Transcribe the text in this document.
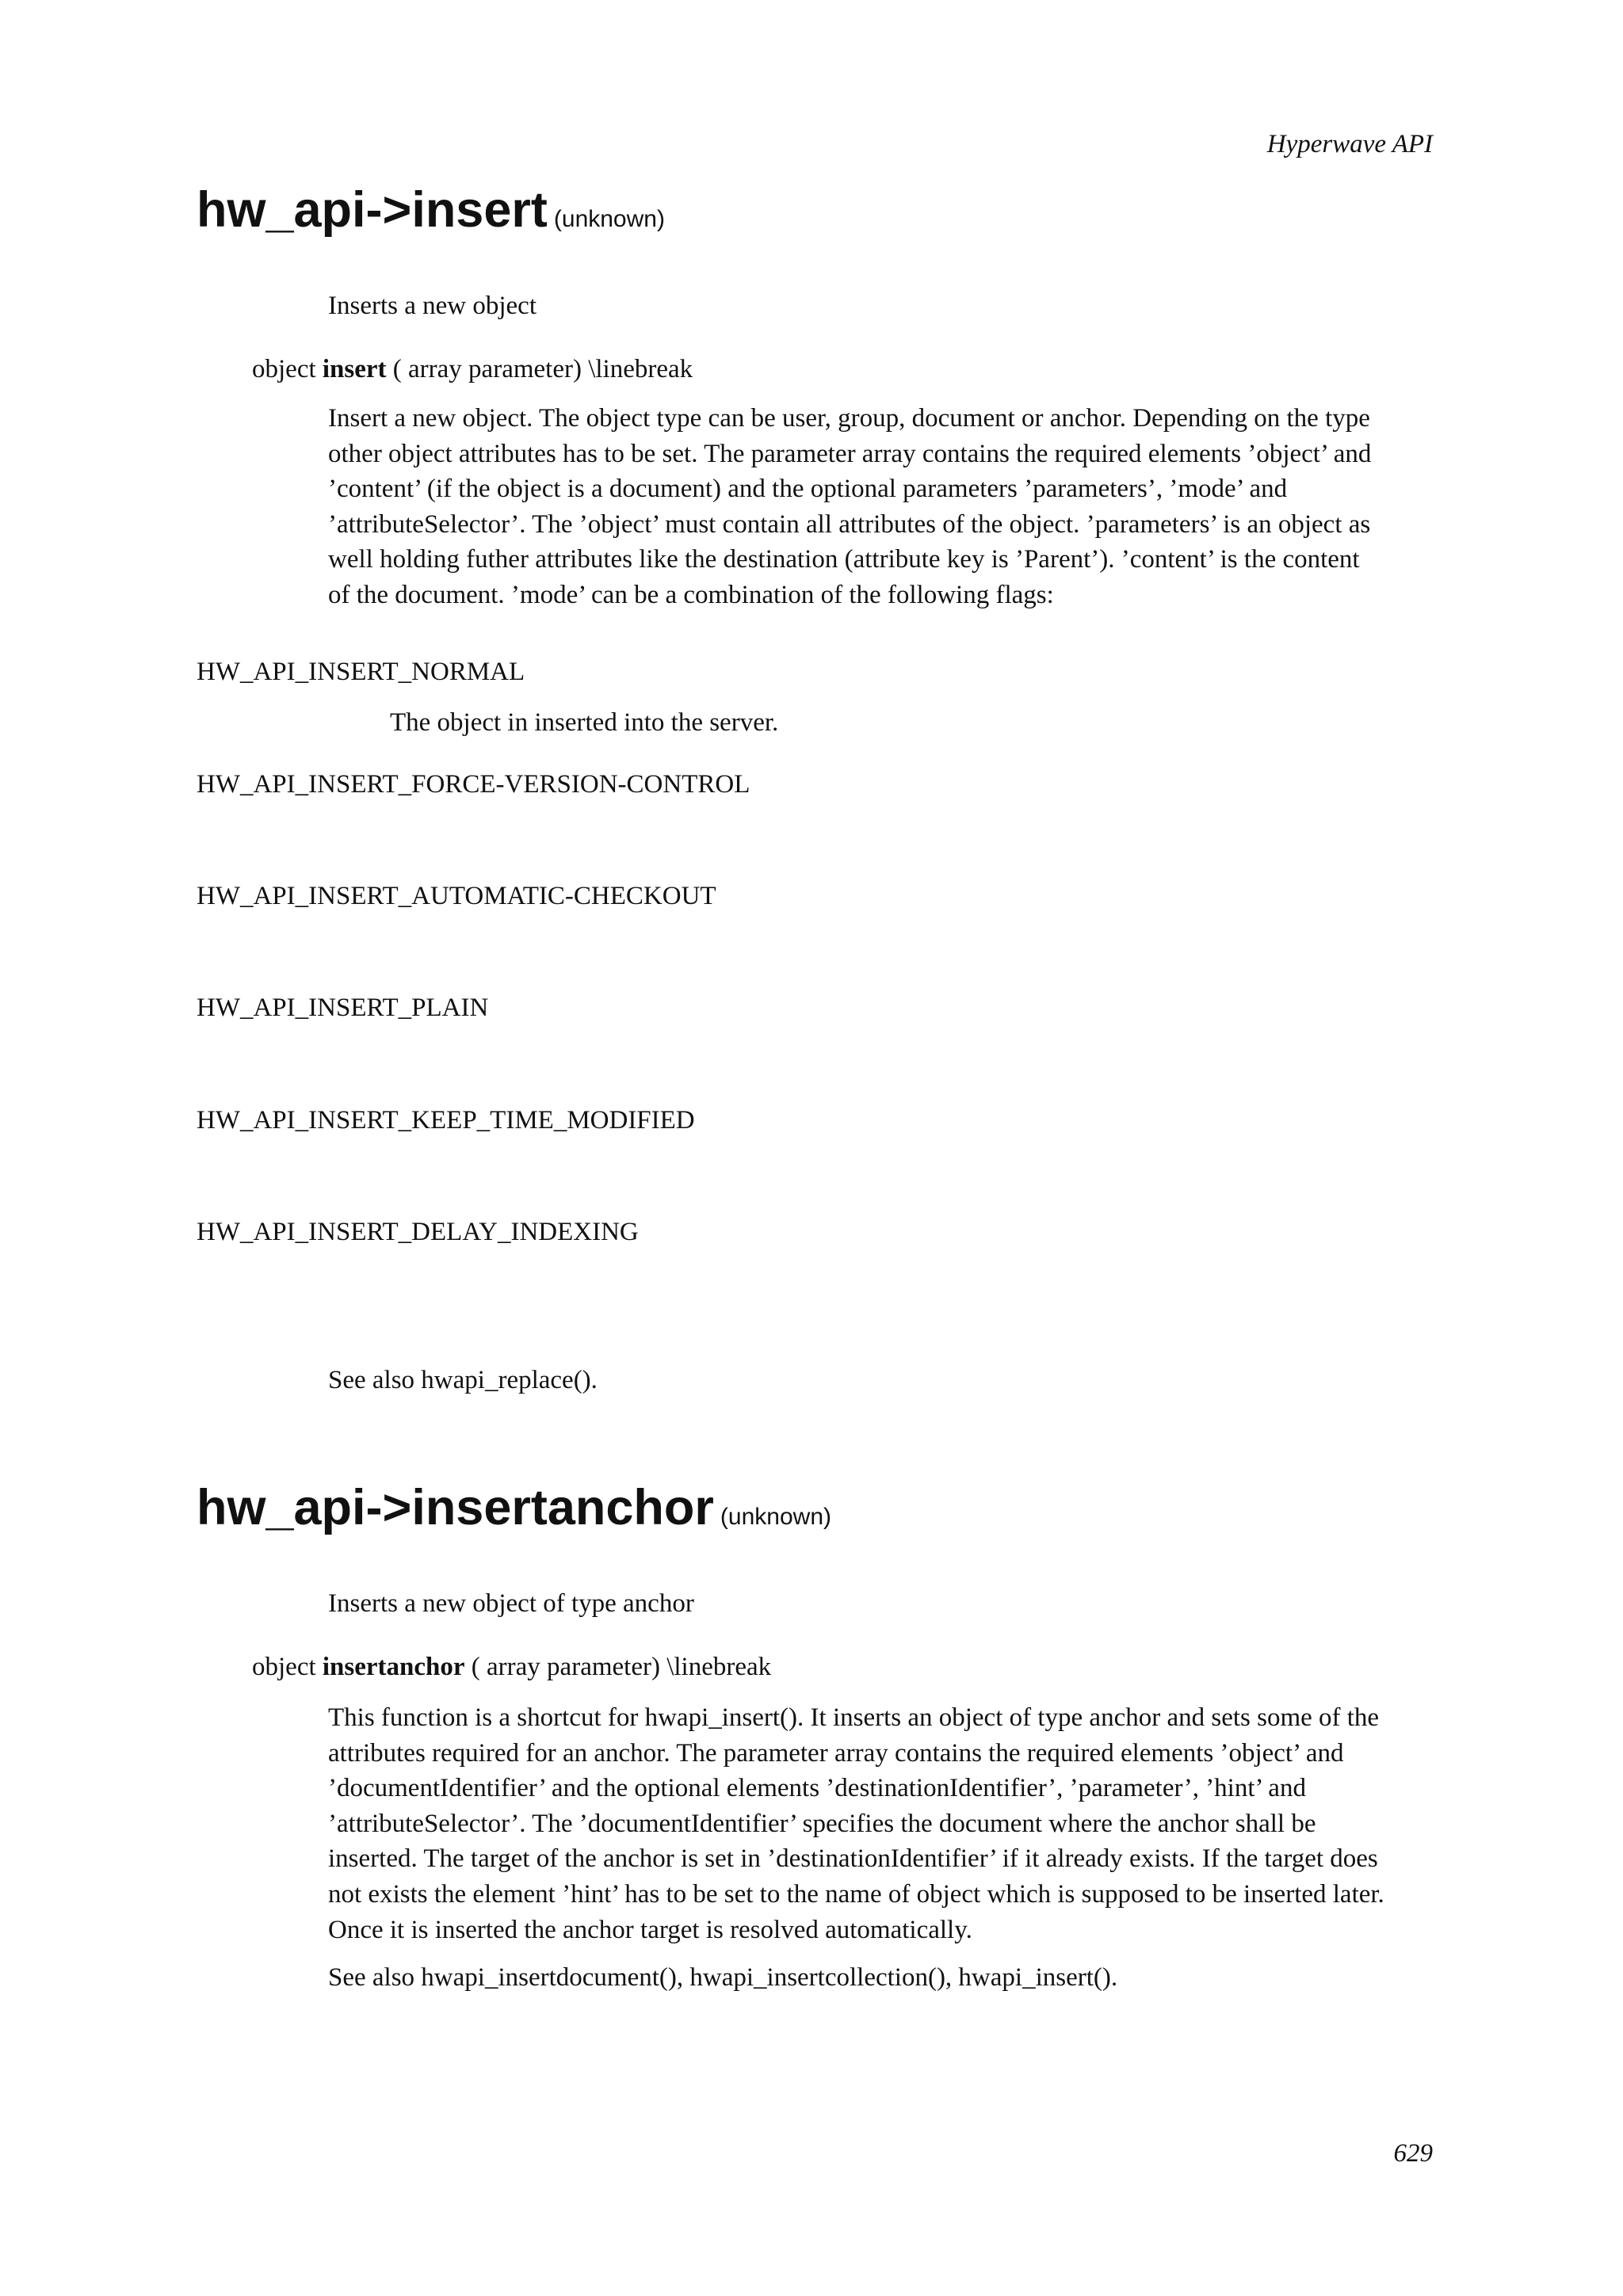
Hyperwave API
hw_api->insert (unknown)
Inserts a new object
object insert ( array parameter) \linebreak
Insert a new object. The object type can be user, group, document or anchor. Depending on the type
other object attributes has to be set. The parameter array contains the required elements ’object’ and
’content’ (if the object is a document) and the optional parameters ’parameters’, ’mode’ and
’attributeSelector’. The ’object’ must contain all attributes of the object. ’parameters’ is an object as
well holding futher attributes like the destination (attribute key is ’Parent’). ’content’ is the content
of the document. ’mode’ can be a combination of the following flags:
HW_API_INSERT_NORMAL
The object in inserted into the server.
HW_API_INSERT_FORCE-VERSION-CONTROL
HW_API_INSERT_AUTOMATIC-CHECKOUT
HW_API_INSERT_PLAIN
HW_API_INSERT_KEEP_TIME_MODIFIED
HW_API_INSERT_DELAY_INDEXING
See also hwapi_replace().
hw_api->insertanchor (unknown)
Inserts a new object of type anchor
object insertanchor ( array parameter) \linebreak
This function is a shortcut for hwapi_insert(). It inserts an object of type anchor and sets some of the
attributes required for an anchor. The parameter array contains the required elements ’object’ and
’documentIdentifier’ and the optional elements ’destinationIdentifier’, ’parameter’, ’hint’ and
’attributeSelector’. The ’documentIdentifier’ specifies the document where the anchor shall be
inserted. The target of the anchor is set in ’destinationIdentifier’ if it already exists. If the target does
not exists the element ’hint’ has to be set to the name of object which is supposed to be inserted later.
Once it is inserted the anchor target is resolved automatically.
See also hwapi_insertdocument(), hwapi_insertcollection(), hwapi_insert().
629
